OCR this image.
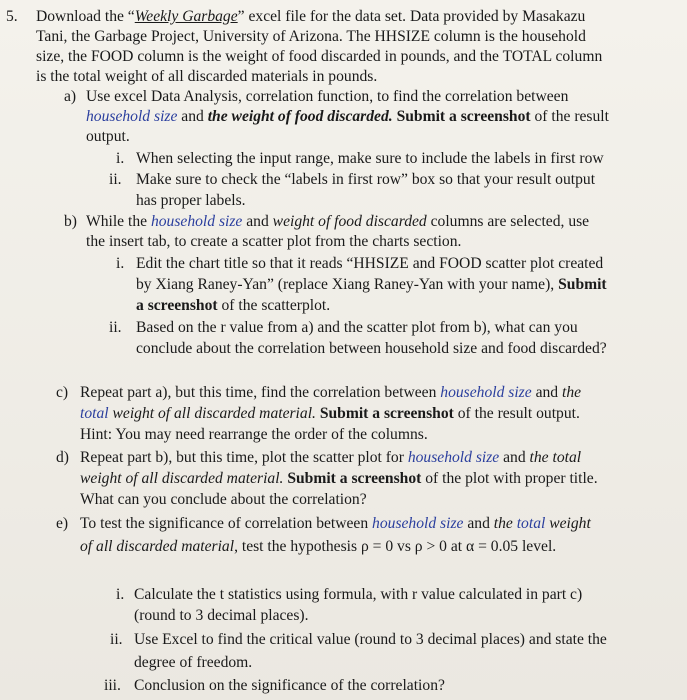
5. Download the “Weekly Garbage” excel file for the data set. Data provided by Masakazu
Tani, the Garbage Project, University of Arizona. The HHSIZE column is the household
size, the FOOD column is the weight of food discarded in pounds, and the TOTAL column
is the total weight of all discarded materials in pounds.
a) Use excel Data Analysis, correlation function, to find the correlation between
household size and the weight of food discarded. Submit a screenshot of the result
output.
i. When selecting the input range, make sure to include the labels in first row
ii. Make sure to check the “labels in first row” box so that your result output
has proper labels.
b) While the household size and weight of food discarded columns are selected, use
the insert tab, to create a scatter plot from the charts section.
i. Edit the chart title so that it reads “HHSIZE and FOOD scatter plot created
by Xiang Raney-Yan” (replace Xiang Raney-Yan with your name), Submit
a screenshot of the scatterplot.
ii. Based on the r value from a) and the scatter plot from b), what can you
conclude about the correlation between household size and food discarded?
c) Repeat part a), but this time, find the correlation between household size and the
total weight of all discarded material. Submit a screenshot of the result output.
Hint: You may need rearrange the order of the columns.
d) Repeat part b), but this time, plot the scatter plot for household size and the total
weight of all discarded material. Submit a screenshot of the plot with proper title.
What can you conclude about the correlation?
e) To test the significance of correlation between household size and the total weight
of all discarded material, test the hypothesis ρ = 0 vs ρ > 0 at α = 0.05 level.
i. Calculate the t statistics using formula, with r value calculated in part c)
(round to 3 decimal places).
ii. Use Excel to find the critical value (round to 3 decimal places) and state the
degree of freedom.
iii. Conclusion on the significance of the correlation?
